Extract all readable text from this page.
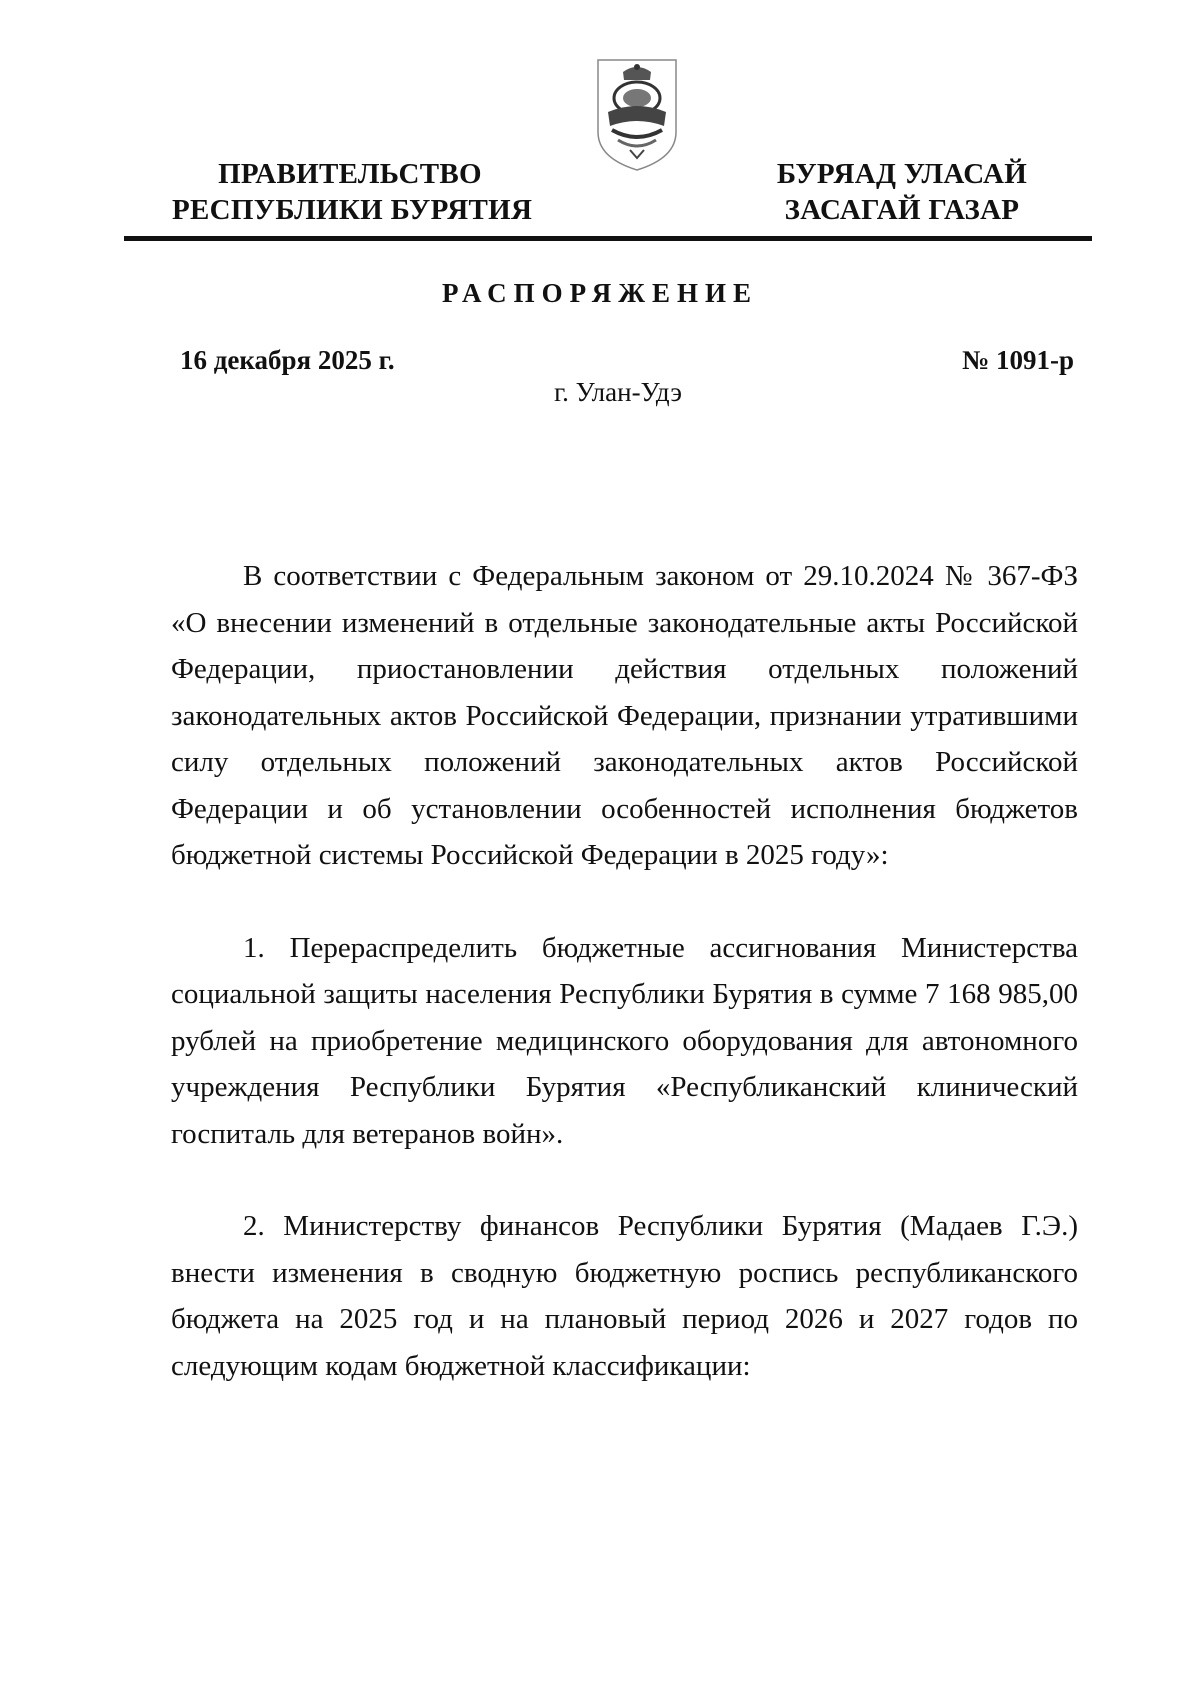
ПРАВИТЕЛЬСТВО
РЕСПУБЛИКИ БУРЯТИЯ
БУРЯАД УЛАСАЙ
ЗАСАГАЙ ГАЗАР
РАСПОРЯЖЕНИЕ
16 декабря 2025 г.	№ 1091-р
г. Улан-Удэ

В соответствии с Федеральным законом от 29.10.2024 № 367-ФЗ «О внесении изменений в отдельные законодательные акты Российской Федерации, приостановлении действия отдельных положений законодательных актов Российской Федерации, признании утратившими силу отдельных положений законодательных актов Российской Федерации и об установлении особенностей исполнения бюджетов бюджетной системы Российской Федерации в 2025 году»:

1. Перераспределить бюджетные ассигнования Министерства социальной защиты населения Республики Бурятия в сумме 7 168 985,00 рублей на приобретение медицинского оборудования для автономного учреждения Республики Бурятия «Республиканский клинический госпиталь для ветеранов войн».

2. Министерству финансов Республики Бурятия (Мадаев Г.Э.) внести изменения в сводную бюджетную роспись республиканского бюджета на 2025 год и на плановый период 2026 и 2027 годов по следующим кодам бюджетной классификации:
